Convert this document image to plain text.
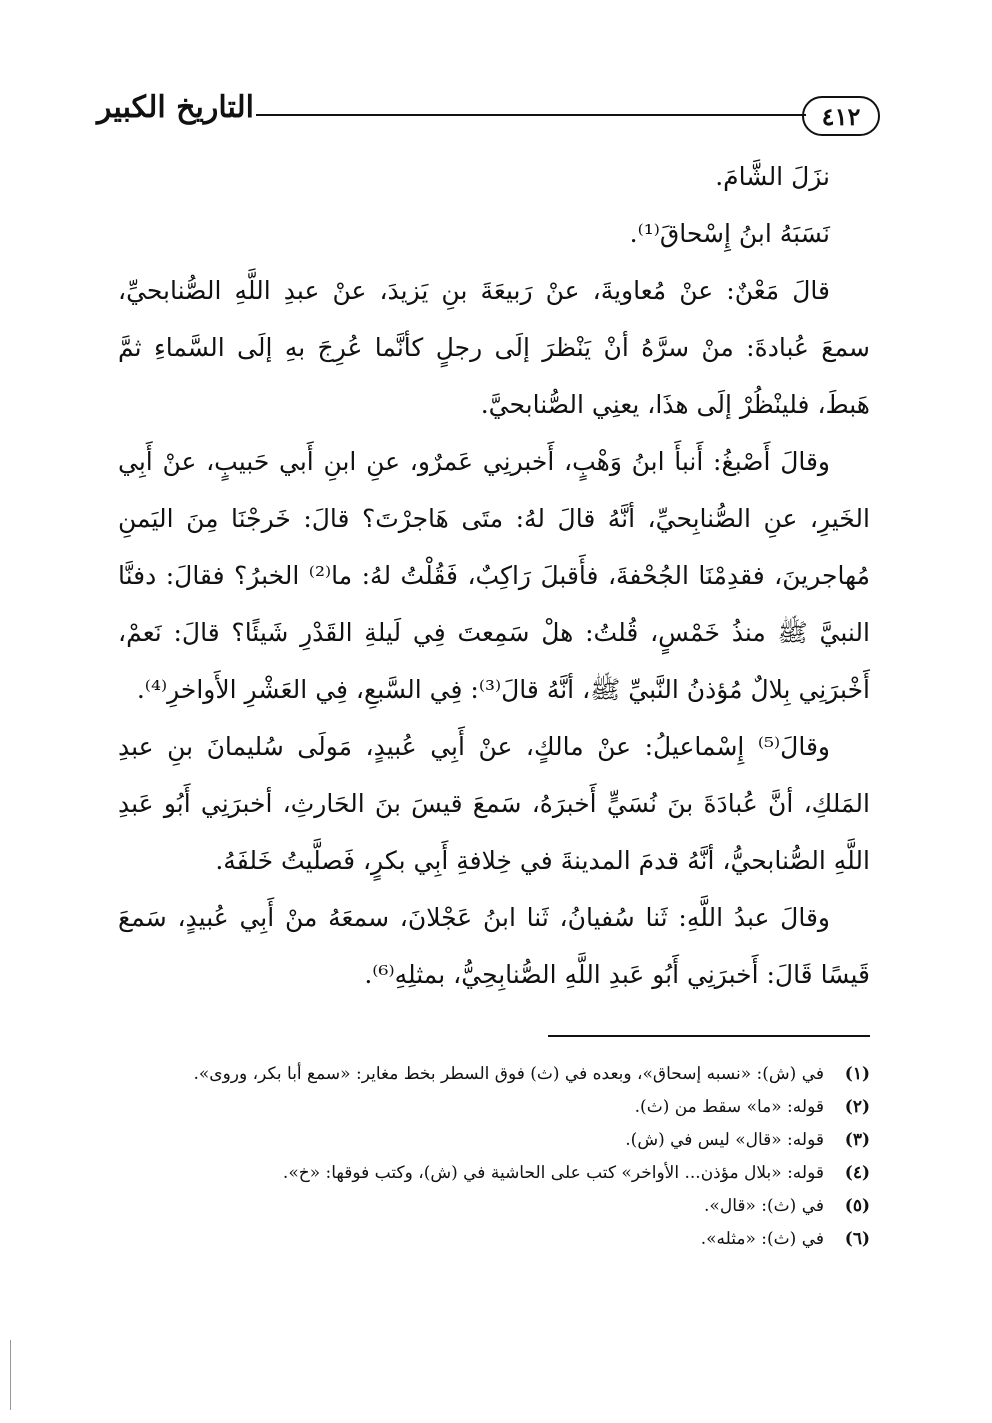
٤١٢
التاريخ الكبير

نزَلَ الشَّامَ.

نَسَبَهُ ابنُ إِسْحاقَ⁽¹⁾.

قالَ مَعْنٌ: عنْ مُعاويةَ، عنْ رَبيعَةَ بنِ يَزيدَ، عنْ عبدِ اللَّهِ الصُّنابحيِّ، سمعَ عُبادةَ: منْ سرَّهُ أنْ يَنْظرَ إلَى رجلٍ كأنَّما عُرِجَ بهِ إلَى السَّماءِ ثمَّ هَبطَ، فلينْظُرْ إلَى هذَا، يعنِي الصُّنابحيَّ.

وقالَ أَصْبغُ: أَنبأَ ابنُ وَهْبٍ، أَخبرنِي عَمرٌو، عنِ ابنِ أَبي حَبيبٍ، عنْ أَبِي الخَيرِ، عنِ الصُّنابِحيِّ، أنَّهُ قالَ لهُ: متَى هَاجرْتَ؟ قالَ: خَرجْنَا مِنَ اليَمنِ مُهاجرينَ، فقدِمْنَا الجُحْفةَ، فأَقبلَ رَاكِبٌ، فَقُلْتُ لهُ: ما⁽²⁾ الخبرُ؟ فقالَ: دفنَّا النبيَّ ﷺ منذُ خَمْسٍ، قُلتُ: هلْ سَمِعتَ فِي لَيلةِ القَدْرِ شَيئًا؟ قالَ: نَعمْ، أَخْبرَنِي بِلالٌ مُؤذنُ النَّبيِّ ﷺ، أنَّهُ قالَ⁽³⁾: فِي السَّبعِ، فِي العَشْرِ الأَواخرِ⁽⁴⁾.

وقالَ⁽⁵⁾ إِسْماعيلُ: عنْ مالكٍ، عنْ أَبِي عُبيدٍ، مَولَى سُليمانَ بنِ عبدِ المَلكِ، أنَّ عُبادَةَ بنَ نُسَيٍّ أَخبرَهُ، سَمعَ قيسَ بنَ الحَارثِ، أخبرَنِي أَبُو عَبدِ اللَّهِ الصُّنابحيُّ، أنَّهُ قدمَ المدينةَ في خِلافةِ أَبِي بكرٍ، فَصلَّيتُ خَلفَهُ.

وقالَ عبدُ اللَّهِ: ثَنا سُفيانُ، ثَنا ابنُ عَجْلانَ، سمعَهُ منْ أَبِي عُبيدٍ، سَمعَ قَيسًا قَالَ: أَخبرَنِي أَبُو عَبدِ اللَّهِ الصُّنابِحِيُّ، بمثلِهِ⁽⁶⁾.

(١)
في (ش): «نسبه إسحاق»، وبعده في (ث) فوق السطر بخط مغاير: «سمع أبا بكر، وروى».
(٢)
قوله: «ما» سقط من (ث).
(٣)
قوله: «قال» ليس في (ش).
(٤)
قوله: «بلال مؤذن... الأواخر» كتب على الحاشية في (ش)، وكتب فوقها: «خ».
(٥)
في (ث): «قال».
(٦)
في (ث): «مثله».
